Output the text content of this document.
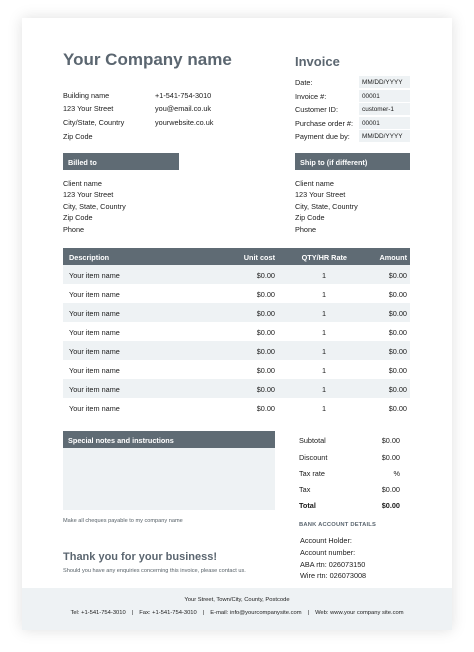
Your Company name	Invoice
Building name
123 Your Street
City/State, Country
Zip Code
+1-541-754-3010
you@email.co.uk
yourwebsite.co.uk
Date:	MM/DD/YYYY
Invoice #:	00001
Customer ID:	customer-1
Purchase order #:	00001
Payment due by:	MM/DD/YYYY
Billed to	Ship to (if different)
Client name
123 Your Street
City, State, Country
Zip Code
Phone
Client name
123 Your Street
City, State, Country
Zip Code
Phone
Description	Unit cost	QTY/HR Rate	Amount
Your item name	$0.00	1	$0.00
Your item name	$0.00	1	$0.00
Your item name	$0.00	1	$0.00
Your item name	$0.00	1	$0.00
Your item name	$0.00	1	$0.00
Your item name	$0.00	1	$0.00
Your item name	$0.00	1	$0.00
Your item name	$0.00	1	$0.00
Special notes and instructions
Make all cheques payable to my company name
Subtotal	$0.00
Discount	$0.00
Tax rate	%
Tax	$0.00
Total	$0.00
BANK ACCOUNT DETAILS
Account Holder:
Account number:
ABA rtn: 026073150
Wire rtn: 026073008
Thank you for your business!
Should you have any enquiries concerning this invoice, please contact us.
Your Street, Town/City, County, Postcode
Tel: +1-541-754-3010 | Fax: +1-541-754-3010 | E-mail: info@yourcompanysite.com | Web: www.your company site.com
